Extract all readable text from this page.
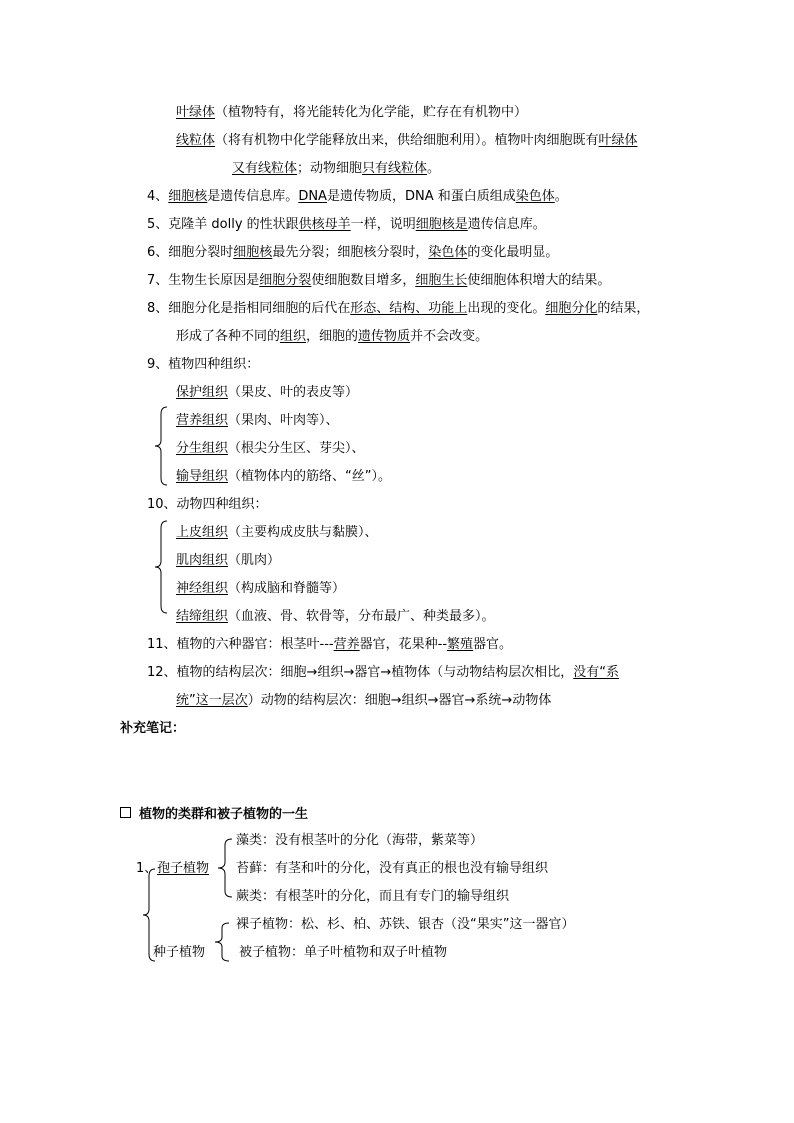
叶绿体（植物特有，将光能转化为化学能，贮存在有机物中）
线粒体（将有机物中化学能释放出来，供给细胞利用）。植物叶肉细胞既有叶绿体
又有线粒体；动物细胞只有线粒体。
4、细胞核是遗传信息库。DNA是遗传物质，DNA 和蛋白质组成染色体。
5、克隆羊 dolly 的性状跟供核母羊一样，说明细胞核是遗传信息库。
6、细胞分裂时细胞核最先分裂；细胞核分裂时，染色体的变化最明显。
7、生物生长原因是细胞分裂使细胞数目增多，细胞生长使细胞体积增大的结果。
8、细胞分化是指相同细胞的后代在形态、结构、功能上出现的变化。细胞分化的结果，
形成了各种不同的组织，细胞的遗传物质并不会改变。
9、植物四种组织：
保护组织（果皮、叶的表皮等）
营养组织（果肉、叶肉等）、
分生组织（根尖分生区、芽尖）、
输导组织（植物体内的筋络、“丝”）。
10、动物四种组织：
上皮组织（主要构成皮肤与黏膜）、
肌肉组织（肌肉）
神经组织（构成脑和脊髓等）
结缔组织（血液、骨、软骨等，分布最广、种类最多）。
11、植物的六种器官：根茎叶---营养器官，花果种--繁殖器官。
12、植物的结构层次：细胞→组织→器官→植物体（与动物结构层次相比，没有“系
统”这一层次）动物的结构层次：细胞→组织→器官→系统→动物体
补充笔记：
植物的类群和被子植物的一生
1、 孢子植物
藻类：没有根茎叶的分化（海带，紫菜等）
苔藓：有茎和叶的分化，没有真正的根也没有输导组织
蕨类：有根茎叶的分化，而且有专门的输导组织
种子植物
裸子植物：松、杉、柏、苏铁、银杏（没“果实”这一器官）
被子植物：单子叶植物和双子叶植物
